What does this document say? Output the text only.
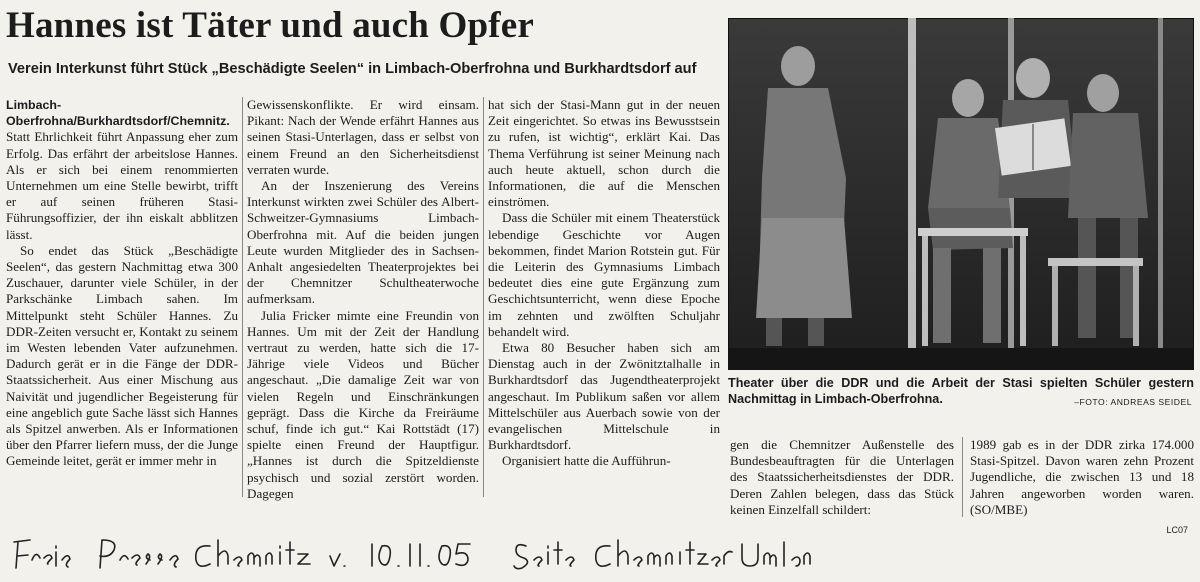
Hannes ist Täter und auch Opfer
Verein Interkunst führt Stück „Beschädigte Seelen“ in Limbach-Oberfrohna und Burkhardtsdorf auf

Limbach-Oberfrohna/Burkhardtsdorf/Chemnitz. Statt Ehrlichkeit führt Anpassung eher zum Erfolg. Das erfährt der arbeitslose Hannes. Als er sich bei einem renommierten Unternehmen um eine Stelle bewirbt, trifft er auf seinen früheren Stasi-Führungsoffizier, der ihn eiskalt abblitzen lässt.

So endet das Stück „Beschädigte Seelen“, das gestern Nachmittag etwa 300 Zuschauer, darunter viele Schüler, in der Parkschänke Limbach sahen. Im Mittelpunkt steht Schüler Hannes. Zu DDR-Zeiten versucht er, Kontakt zu seinem im Westen lebenden Vater aufzunehmen. Dadurch gerät er in die Fänge der DDR-Staatssicherheit. Aus einer Mischung aus Naivität und jugendlicher Begeisterung für eine angeblich gute Sache lässt sich Hannes als Spitzel anwerben. Als er Informationen über den Pfarrer liefern muss, der die Junge Gemeinde leitet, gerät er immer mehr in

Gewissenskonflikte. Er wird einsam. Pikant: Nach der Wende erfährt Hannes aus seinen Stasi-Unterlagen, dass er selbst von einem Freund an den Sicherheitsdienst verraten wurde.

An der Inszenierung des Vereins Interkunst wirkten zwei Schüler des Albert-Schweitzer-Gymnasiums Limbach-Oberfrohna mit. Auf die beiden jungen Leute wurden Mitglieder des in Sachsen-Anhalt angesiedelten Theaterprojektes bei der Chemnitzer Schultheaterwoche aufmerksam.

Julia Fricker mimte eine Freundin von Hannes. Um mit der Zeit der Handlung vertraut zu werden, hatte sich die 17-Jährige viele Videos und Bücher angeschaut. „Die damalige Zeit war von vielen Regeln und Einschränkungen geprägt. Dass die Kirche da Freiräume schuf, finde ich gut.“ Kai Rottstädt (17) spielte einen Freund der Hauptfigur. „Hannes ist durch die Spitzeldienste psychisch und sozial zerstört worden. Dagegen

hat sich der Stasi-Mann gut in der neuen Zeit eingerichtet. So etwas ins Bewusstsein zu rufen, ist wichtig“, erklärt Kai. Das Thema Verführung ist seiner Meinung nach auch heute aktuell, schon durch die Informationen, die auf die Menschen einströmen.

Dass die Schüler mit einem Theaterstück lebendige Geschichte vor Augen bekommen, findet Marion Rotstein gut. Für die Leiterin des Gymnasiums Limbach bedeutet dies eine gute Ergänzung zum Geschichtsunterricht, wenn diese Epoche im zehnten und zwölften Schuljahr behandelt wird.

Etwa 80 Besucher haben sich am Dienstag auch in der Zwönitztalhalle in Burkhardtsdorf das Jugendtheaterprojekt angeschaut. Im Publikum saßen vor allem Mittelschüler aus Auerbach sowie von der evangelischen Mittelschule in Burkhardtsdorf.

Organisiert hatte die Aufführun-

Theater über die DDR und die Arbeit der Stasi spielten Schüler gestern Nachmittag in Limbach-Oberfrohna.	–FOTO: ANDREAS SEIDEL

gen die Chemnitzer Außenstelle des Bundesbeauftragten für die Unterlagen des Staatssicherheitsdienstes der DDR. Deren Zahlen belegen, dass das Stück keinen Einzelfall schildert:

1989 gab es in der DDR zirka 174.000 Stasi-Spitzel. Davon waren zehn Prozent Jugendliche, die zwischen 13 und 18 Jahren angeworben worden waren. (SO/MBE)

LC07
